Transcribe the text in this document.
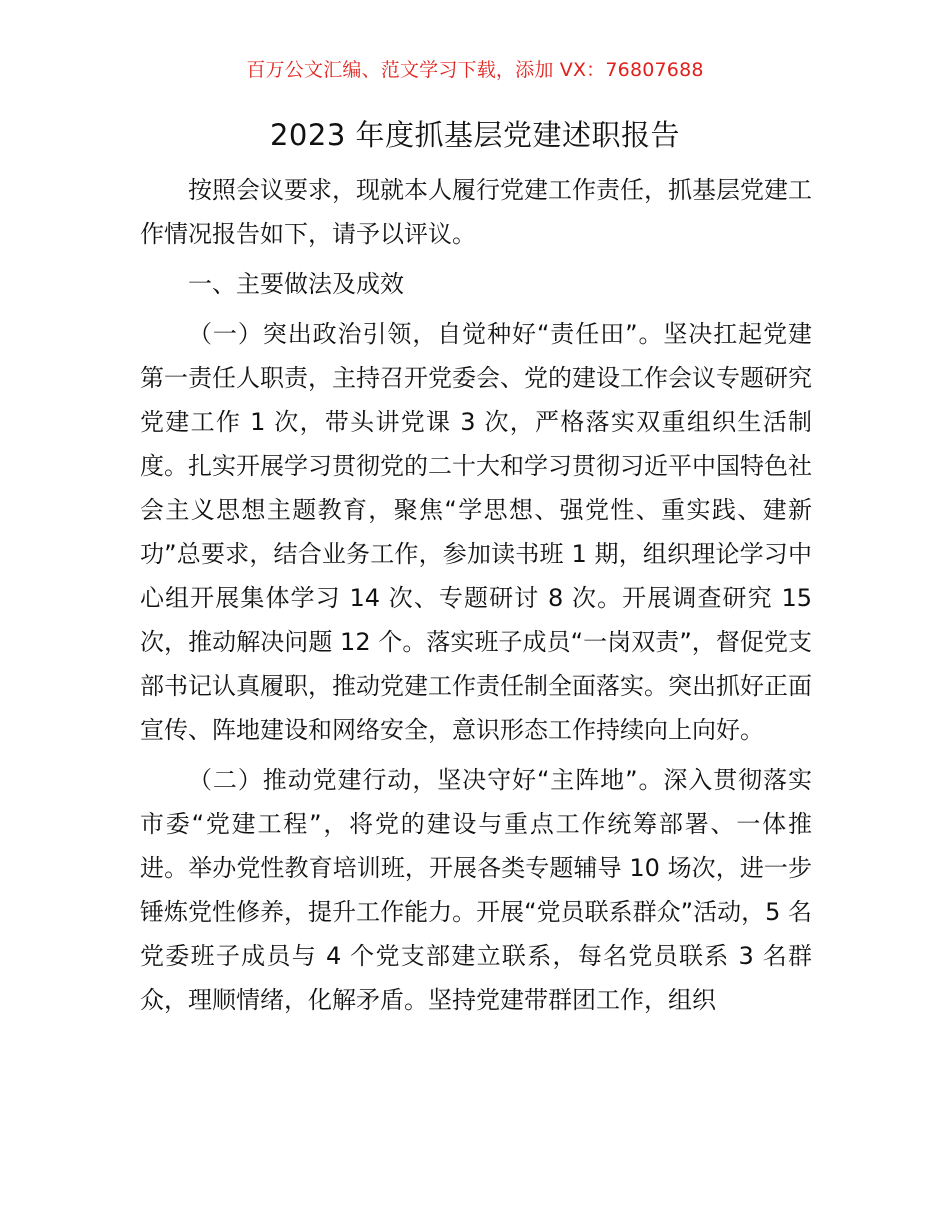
百万公文汇编、范文学习下载，添加 VX：76807688
2023 年度抓基层党建述职报告

按照会议要求，现就本人履行党建工作责任，抓基层党建工作情况报告如下，请予以评议。

一、主要做法及成效

（一）突出政治引领，自觉种好“责任田”。坚决扛起党建第一责任人职责，主持召开党委会、党的建设工作会议专题研究党建工作 1 次，带头讲党课 3 次，严格落实双重组织生活制度。扎实开展学习贯彻党的二十大和学习贯彻习近平中国特色社会主义思想主题教育，聚焦“学思想、强党性、重实践、建新功”总要求，结合业务工作，参加读书班 1 期，组织理论学习中心组开展集体学习 14 次、专题研讨 8 次。开展调查研究 15 次，推动解决问题 12 个。落实班子成员“一岗双责”，督促党支部书记认真履职，推动党建工作责任制全面落实。突出抓好正面宣传、阵地建设和网络安全，意识形态工作持续向上向好。

（二）推动党建行动，坚决守好“主阵地”。深入贯彻落实市委“党建工程”，将党的建设与重点工作统筹部署、一体推进。举办党性教育培训班，开展各类专题辅导 10 场次，进一步锤炼党性修养，提升工作能力。开展“党员联系群众”活动，5 名党委班子成员与 4 个党支部建立联系，每名党员联系 3 名群众，理顺情绪，化解矛盾。坚持党建带群团工作，组织
